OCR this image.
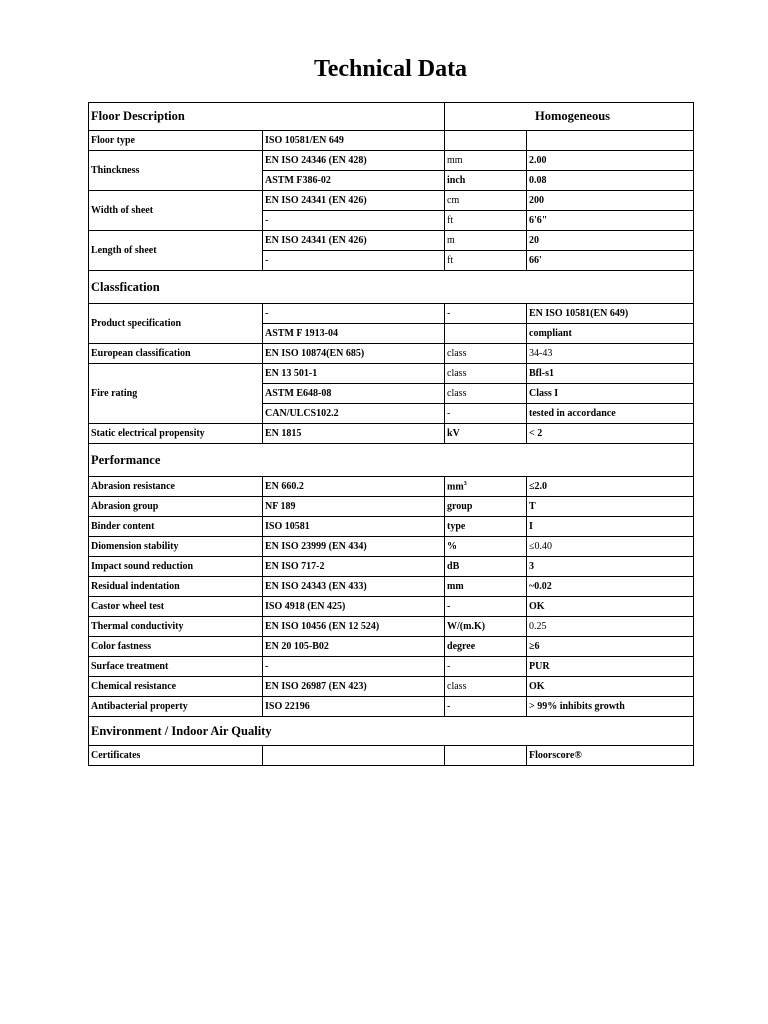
Technical Data
Floor Description		Homogeneous	
Floor type	ISO 10581/EN 649		
Thinckness	EN ISO 24346 (EN 428)	mm	2.00
	ASTM F386-02	inch	0.08
Width of sheet	EN ISO 24341 (EN 426)	cm	200
	-	ft	6'6"
Length of sheet	EN ISO 24341 (EN 426)	m	20
	-	ft	66'
Classfication			
Product specification	-	-	EN ISO 10581(EN 649)
	ASTM F 1913-04		compliant
European classification	EN ISO 10874(EN 685)	class	34-43
Fire rating	EN 13 501-1	class	Bfl-s1
	ASTM E648-08	class	Class I
	CAN/ULCS102.2	-	tested in accordance
Static electrical propensity	EN 1815	kV	< 2
Performance			
Abrasion resistance	EN 660.2	$mm^3$	≤2.0
Abrasion group	NF 189	group	T
Binder content	ISO 10581	type	I
Diomension stability	EN ISO 23999 (EN 434)	%	≤0.40
Impact sound reduction	EN ISO 717-2	dB	3
Residual indentation	EN ISO 24343 (EN 433)	mm	~0.02
Castor wheel test	ISO 4918 (EN 425)	-	OK
Thermal conductivity	EN ISO 10456 (EN 12 524)	W/(m.K)	0.25
Color fastness	EN 20 105-B02	degree	≥6
Surface treatment	-	-	PUR
Chemical resistance	EN ISO 26987 (EN 423)	class	OK
Antibacterial property	ISO 22196	-	> 99% inhibits growth
Environment / Indoor Air Quality			
Certificates			Floorscore®
